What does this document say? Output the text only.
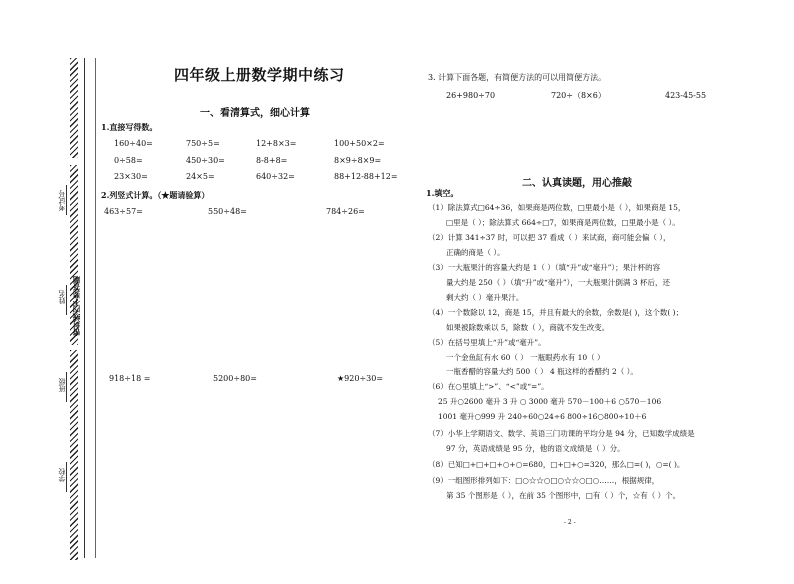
密封线内不要答题
考试号
姓名
班级
学校
四年级上册数学期中练习
一、看清算式，细心计算
1.直接写得数。
160÷40=	750÷5=	12+8×3=	100+50×2=
0÷58=	450÷30=	8-8+8=	8×9÷8×9=
23×30=	24×5=	640÷32=	88+12-88+12=
2.列竖式计算。（★题请验算）
463÷57=	550÷48=	784÷26=
918÷18 =	5200÷80=	★920÷30=
3. 计算下面各题，有简便方法的可以用简便方法。
26+980÷70	720÷（8×6）	423-45-55
二、认真读题，用心推敲
1.填空。
（1）除法算式□64÷36，如果商是两位数，□里最小是（ ），如果商是 15，
□里是（ ）；除法算式 664÷□7，如果商是两位数，□里最小是（ ）。
（2）计算 341÷37 时，可以把 37 看成（ ）来试商，商可能会偏（ ），
正确的商是（ ）。
（3）一大瓶果汁的容量大约是 1（ ）（填“升”或“毫升”）；果汁杯的容
量大约是 250（ ）（填“升”或“毫升”），一大瓶果汁倒满 3 杯后，还
剩大约（ ）毫升果汁。
（4）一个数除以 12，商是 15，并且有最大的余数，余数是( )，这个数( )；
如果被除数乘以 5，除数（ ），商就不发生改变。
（5）在括号里填上“升”或“毫升”。
一个金鱼缸有水 60（ ） 一瓶眼药水有 10（ ）
一瓶香醋的容量大约 500（ ） 4 瓶这样的香醋约 2（ ）。
（6）在○里填上“>”、“<”或“=”。
25 升○2600 毫升 3 升 ○ 3000 毫升 570－100＋6 ○570－106
1001 毫升○999 升 240÷60○24÷6 800÷16○800÷10＋6
（7）小华上学期语文、数学、英语三门功课的平均分是 94 分，已知数学成绩是
97 分，英语成绩是 95 分，他的语文成绩是（ ）分。
（8）已知□+□+□+○+○=680，□+□+○=320，那么□=( )，○=( )。
（9）一组图形排列如下：□○☆☆○□○☆☆○□○……，根据规律，
第 35 个图形是（ ），在前 35 个图形中，□有（ ）个，☆有（ ）个。
- 2 -
